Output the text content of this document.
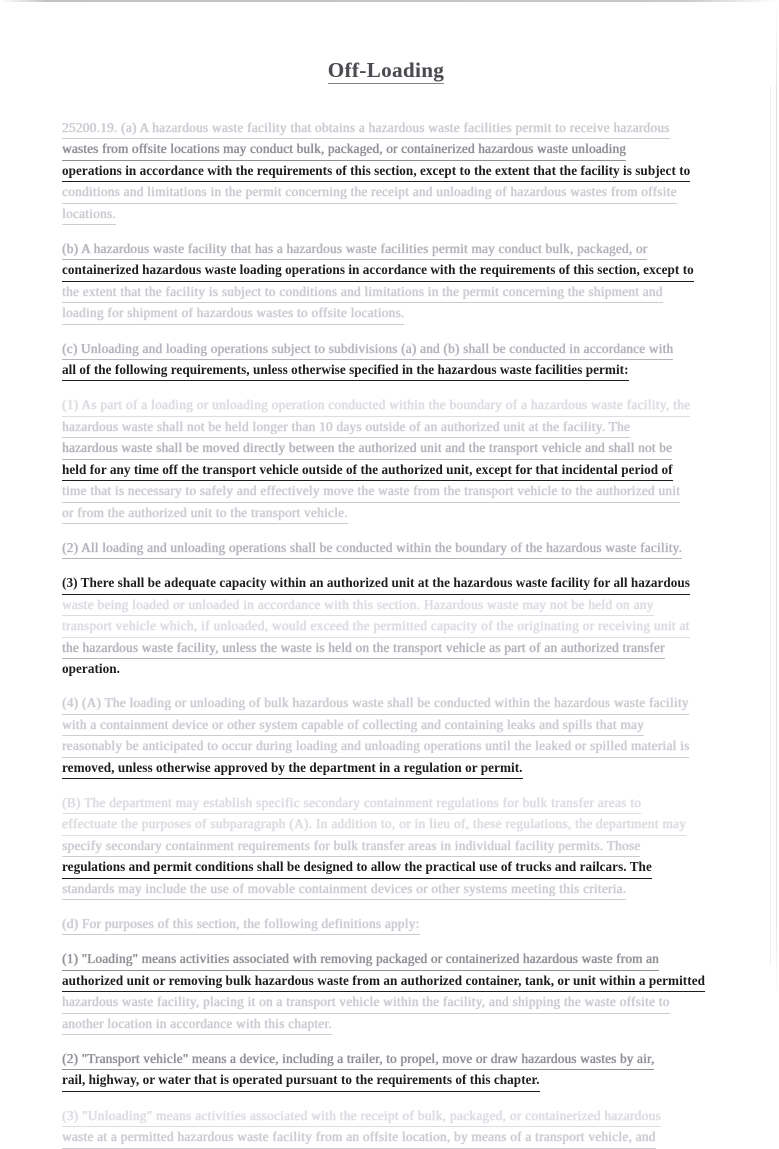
Off-Loading

25200.19. (a) A hazardous waste facility that obtains a hazardous waste facilities permit to receive hazardous
wastes from offsite locations may conduct bulk, packaged, or containerized hazardous waste unloading
operations in accordance with the requirements of this section, except to the extent that the facility is subject to
conditions and limitations in the permit concerning the receipt and unloading of hazardous wastes from offsite
locations.

(b) A hazardous waste facility that has a hazardous waste facilities permit may conduct bulk, packaged, or
containerized hazardous waste loading operations in accordance with the requirements of this section, except to
the extent that the facility is subject to conditions and limitations in the permit concerning the shipment and
loading for shipment of hazardous wastes to offsite locations.

(c) Unloading and loading operations subject to subdivisions (a) and (b) shall be conducted in accordance with
all of the following requirements, unless otherwise specified in the hazardous waste facilities permit:

(1) As part of a loading or unloading operation conducted within the boundary of a hazardous waste facility, the
hazardous waste shall not be held longer than 10 days outside of an authorized unit at the facility. The
hazardous waste shall be moved directly between the authorized unit and the transport vehicle and shall not be
held for any time off the transport vehicle outside of the authorized unit, except for that incidental period of
time that is necessary to safely and effectively move the waste from the transport vehicle to the authorized unit
or from the authorized unit to the transport vehicle.

(2) All loading and unloading operations shall be conducted within the boundary of the hazardous waste facility.

(3) There shall be adequate capacity within an authorized unit at the hazardous waste facility for all hazardous
waste being loaded or unloaded in accordance with this section. Hazardous waste may not be held on any
transport vehicle which, if unloaded, would exceed the permitted capacity of the originating or receiving unit at
the hazardous waste facility, unless the waste is held on the transport vehicle as part of an authorized transfer
operation.

(4) (A) The loading or unloading of bulk hazardous waste shall be conducted within the hazardous waste facility
with a containment device or other system capable of collecting and containing leaks and spills that may
reasonably be anticipated to occur during loading and unloading operations until the leaked or spilled material is
removed, unless otherwise approved by the department in a regulation or permit.

(B) The department may establish specific secondary containment regulations for bulk transfer areas to
effectuate the purposes of subparagraph (A). In addition to, or in lieu of, these regulations, the department may
specify secondary containment requirements for bulk transfer areas in individual facility permits. Those
regulations and permit conditions shall be designed to allow the practical use of trucks and railcars. The
standards may include the use of movable containment devices or other systems meeting this criteria.

(d) For purposes of this section, the following definitions apply:

(1) "Loading" means activities associated with removing packaged or containerized hazardous waste from an
authorized unit or removing bulk hazardous waste from an authorized container, tank, or unit within a permitted
hazardous waste facility, placing it on a transport vehicle within the facility, and shipping the waste offsite to
another location in accordance with this chapter.

(2) "Transport vehicle" means a device, including a trailer, to propel, move or draw hazardous wastes by air,
rail, highway, or water that is operated pursuant to the requirements of this chapter.

(3) "Unloading" means activities associated with the receipt of bulk, packaged, or containerized hazardous
waste at a permitted hazardous waste facility from an offsite location, by means of a transport vehicle, and
